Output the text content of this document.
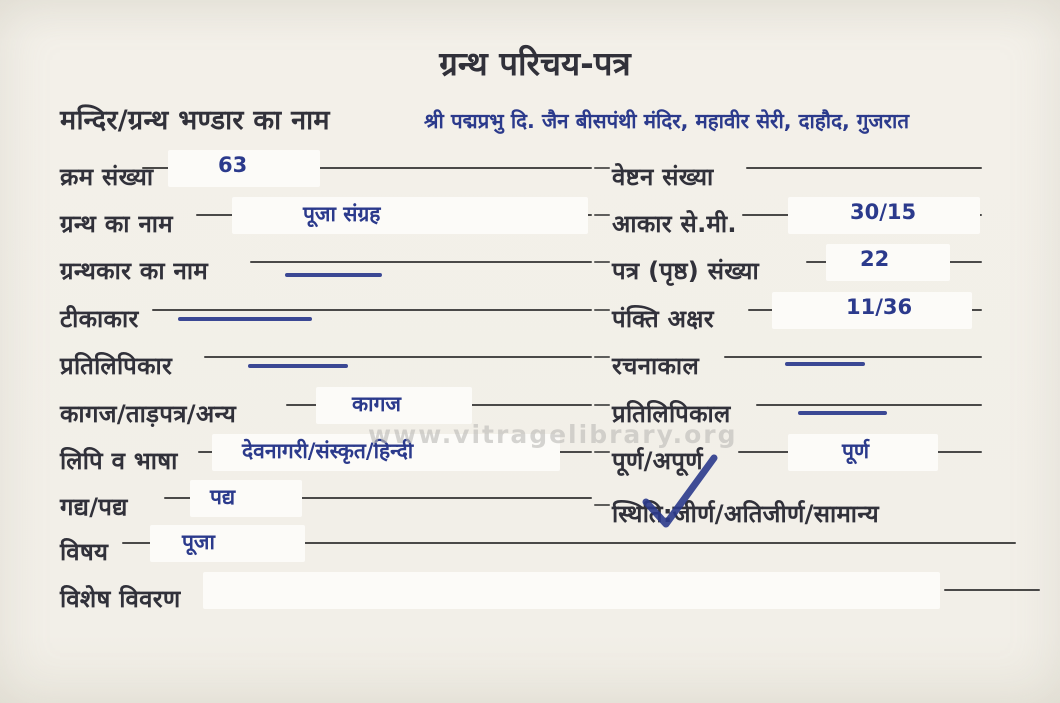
ग्रन्थ परिचय-पत्र
मन्दिर/ग्रन्थ भण्डार का नाम	श्री पद्मप्रभु दि. जैन बीसपंथी मंदिर, महावीर सेरी, दाहौद, गुजरात
क्रम संख्या	63
ग्रन्थ का नाम	पूजा संग्रह
ग्रन्थकार का नाम
टीकाकार
प्रतिलिपिकार
कागज/ताड़पत्र/अन्य	कागज
लिपि व भाषा	देवनागरी/संस्कृत/हिन्दी
गद्य/पद्य	पद्य
विषय	पूजा
विशेष विवरण
वेष्टन संख्या
आकार से.मी.	30/15
पत्र (पृष्ठ) संख्या	22
पंक्ति अक्षर	11/36
रचनाकाल
प्रतिलिपिकाल
पूर्ण/अपूर्ण	पूर्ण
स्थिति:जीर्ण/अतिजीर्ण/सामान्य
www.vitragelibrary.org
